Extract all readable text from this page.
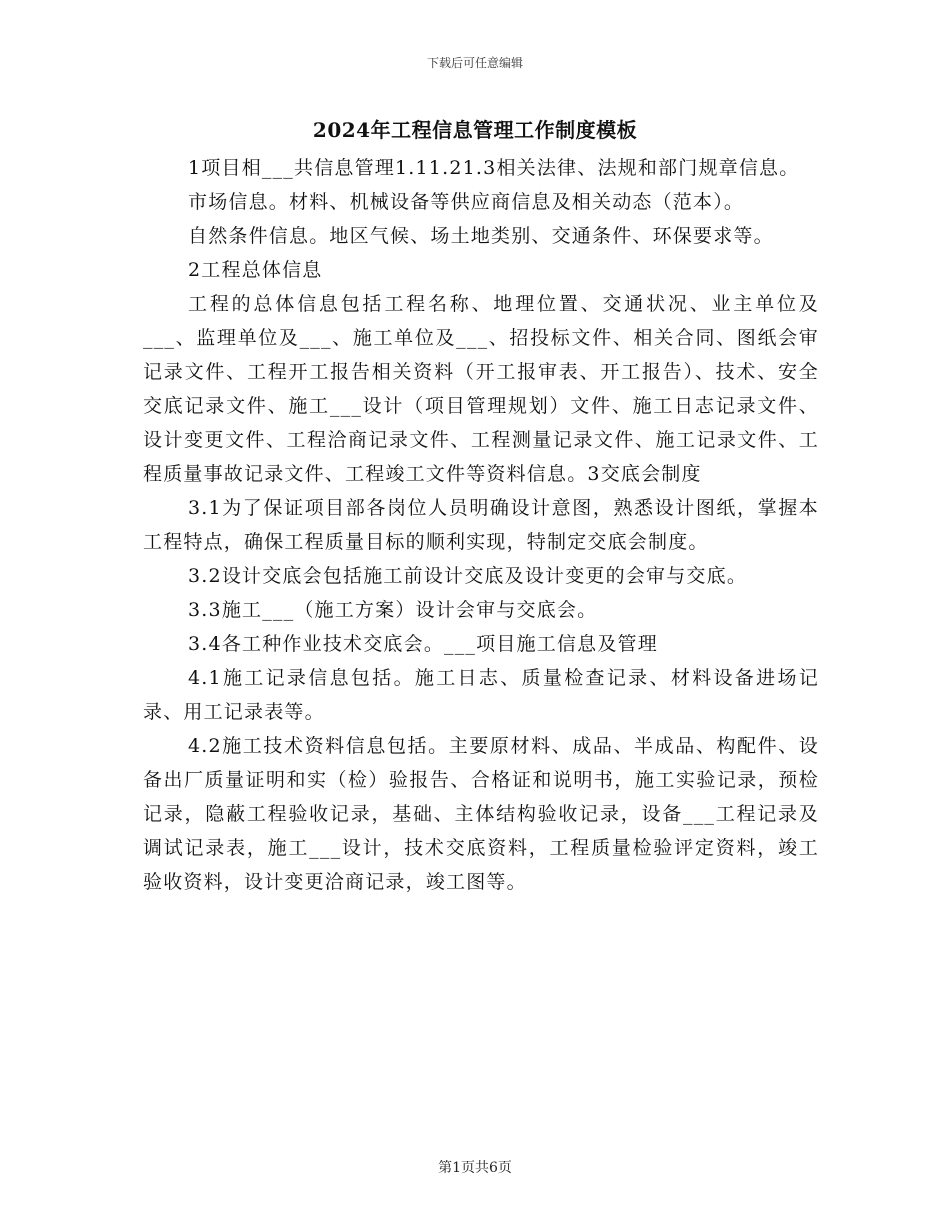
下载后可任意编辑
2024年工程信息管理工作制度模板

1项目相___共信息管理1.11.21.3相关法律、法规和部门规章信息。

市场信息。材料、机械设备等供应商信息及相关动态（范本）。

自然条件信息。地区气候、场土地类别、交通条件、环保要求等。

2工程总体信息

工程的总体信息包括工程名称、地理位置、交通状况、业主单位及___、监理单位及___、施工单位及___、招投标文件、相关合同、图纸会审记录文件、工程开工报告相关资料（开工报审表、开工报告）、技术、安全交底记录文件、施工___设计（项目管理规划）文件、施工日志记录文件、设计变更文件、工程洽商记录文件、工程测量记录文件、施工记录文件、工程质量事故记录文件、工程竣工文件等资料信息。3交底会制度

3.1为了保证项目部各岗位人员明确设计意图，熟悉设计图纸，掌握本工程特点，确保工程质量目标的顺利实现，特制定交底会制度。

3.2设计交底会包括施工前设计交底及设计变更的会审与交底。

3.3施工___（施工方案）设计会审与交底会。

3.4各工种作业技术交底会。___项目施工信息及管理

4.1施工记录信息包括。施工日志、质量检查记录、材料设备进场记录、用工记录表等。

4.2施工技术资料信息包括。主要原材料、成品、半成品、构配件、设备出厂质量证明和实（检）验报告、合格证和说明书，施工实验记录，预检记录，隐蔽工程验收记录，基础、主体结构验收记录，设备___工程记录及调试记录表，施工___设计，技术交底资料，工程质量检验评定资料，竣工验收资料，设计变更洽商记录，竣工图等。

第1页共6页
